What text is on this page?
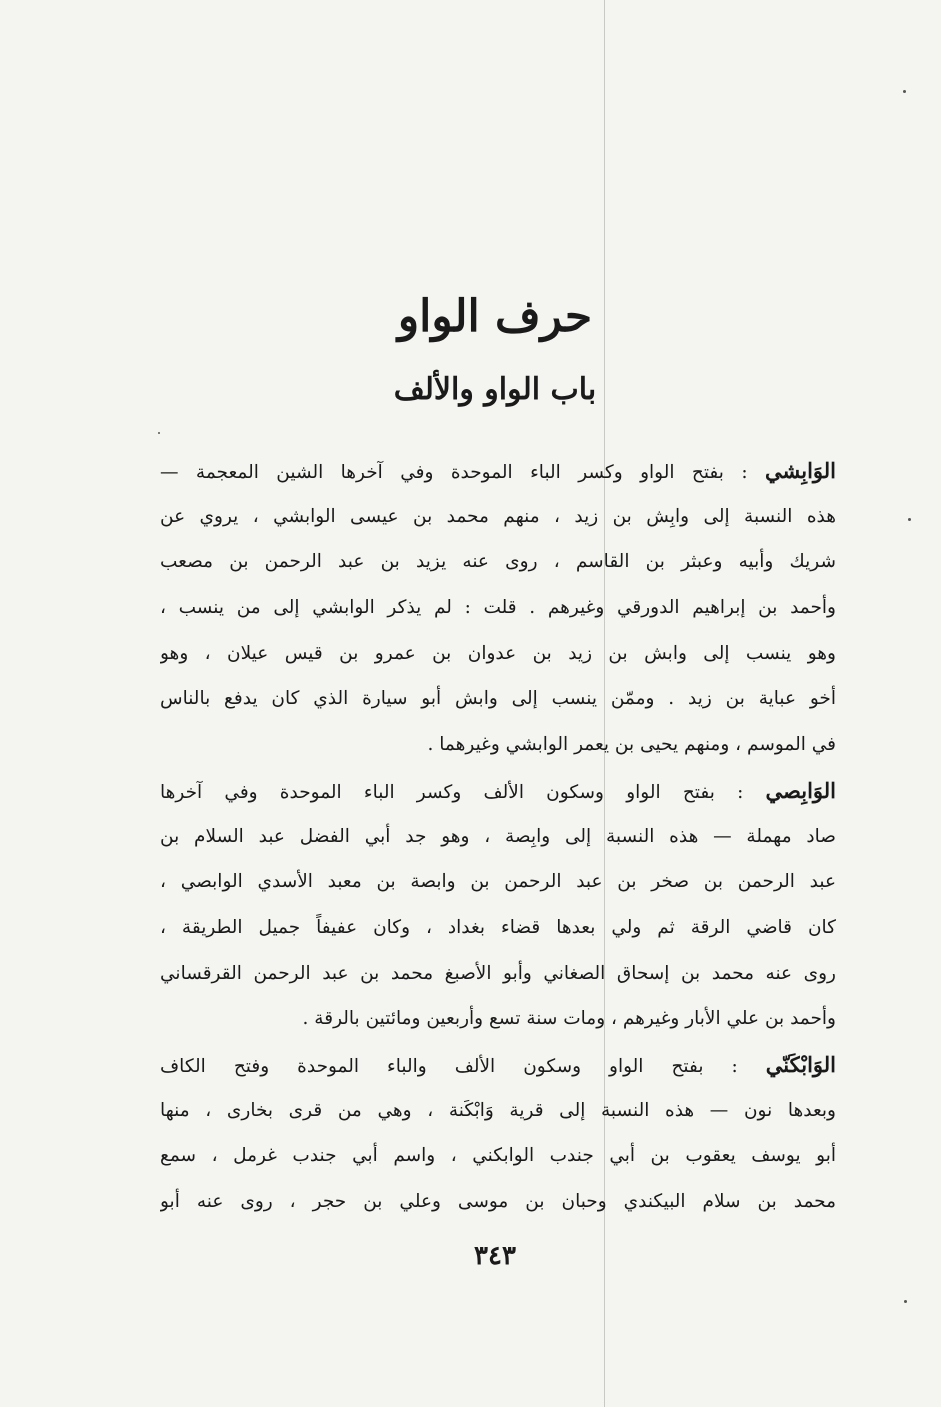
حرف الواو
باب الواو والألف
الوَابِشي : بفتح الواو وكسر الباء الموحدة وفي آخرها الشين المعجمة —
هذه النسبة إلى وابِش بن زيد ، منهم محمد بن عيسى الوابشي ، يروي عن
شريك وأبيه وعبثر بن القاسم ، روى عنه يزيد بن عبد الرحمن بن مصعب
وأحمد بن إبراهيم الدورقي وغيرهم . قلت : لم يذكر الوابشي إلى من ينسب ،
وهو ينسب إلى وابش بن زيد بن عدوان بن عمرو بن قيس عيلان ، وهو
أخو عباية بن زيد . وممّن ينسب إلى وابش أبو سيارة الذي كان يدفع بالناس
في الموسم ، ومنهم يحيى بن يعمر الوابشي وغيرهما .
الوَابِصي : بفتح الواو وسكون الألف وكسر الباء الموحدة وفي آخرها
صاد مهملة — هذه النسبة إلى وابِصة ، وهو جد أبي الفضل عبد السلام بن
عبد الرحمن بن صخر بن عبد الرحمن بن وابصة بن معبد الأسدي الوابصي ،
كان قاضي الرقة ثم ولي بعدها قضاء بغداد ، وكان عفيفاً جميل الطريقة ،
روى عنه محمد بن إسحاق الصغاني وأبو الأصبغ محمد بن عبد الرحمن القرقساني
وأحمد بن علي الأبار وغيرهم ، ومات سنة تسع وأربعين ومائتين بالرقة .
الوَابْكَنّي : بفتح الواو وسكون الألف والباء الموحدة وفتح الكاف
وبعدها نون — هذه النسبة إلى قرية وَابْكَنة ، وهي من قرى بخارى ، منها
أبو يوسف يعقوب بن أبي جندب الوابكني ، واسم أبي جندب غرمل ، سمع
محمد بن سلام البيكندي وحبان بن موسى وعلي بن حجر ، روى عنه أبو
٣٤٣
